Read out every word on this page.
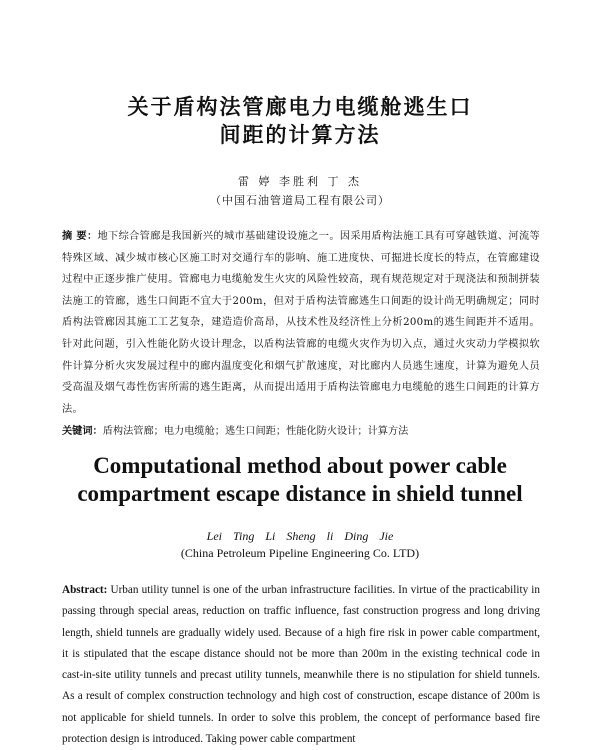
关于盾构法管廊电力电缆舱逃生口
间距的计算方法
雷 婷 李胜利 丁 杰
（中国石油管道局工程有限公司）
摘 要：地下综合管廊是我国新兴的城市基础建设设施之一。因采用盾构法施工具有可穿越铁道、河流等特殊区域、减少城市核心区施工时对交通行车的影响、施工进度快、可掘进长度长的特点，在管廊建设过程中正逐步推广使用。管廊电力电缆舱发生火灾的风险性较高，现有规范规定对于现浇法和预制拼装法施工的管廊，逃生口间距不宜大于200m，但对于盾构法管廊逃生口间距的设计尚无明确规定；同时盾构法管廊因其施工工艺复杂，建造造价高昂，从技术性及经济性上分析200m的逃生间距并不适用。针对此问题，引入性能化防火设计理念，以盾构法管廊的电缆火灾作为切入点，通过火灾动力学模拟软件计算分析火灾发展过程中的廊内温度变化和烟气扩散速度，对比廊内人员逃生速度，计算为避免人员受高温及烟气毒性伤害所需的逃生距离，从而提出适用于盾构法管廊电力电缆舱的逃生口间距的计算方法。
关键词：盾构法管廊；电力电缆舱；逃生口间距；性能化防火设计；计算方法
Computational method about power cable
compartment escape distance in shield tunnel
Lei Ting Li Sheng li Ding Jie
(China Petroleum Pipeline Engineering Co. LTD)
Abstract: Urban utility tunnel is one of the urban infrastructure facilities. In virtue of the practicability in passing through special areas, reduction on traffic influence, fast construction progress and long driving length, shield tunnels are gradually widely used. Because of a high fire risk in power cable compartment, it is stipulated that the escape distance should not be more than 200m in the existing technical code in cast-in-site utility tunnels and precast utility tunnels, meanwhile there is no stipulation for shield tunnels. As a result of complex construction technology and high cost of construction, escape distance of 200m is not applicable for shield tunnels. In order to solve this problem, the concept of performance based fire protection design is introduced. Taking power cable compartment
